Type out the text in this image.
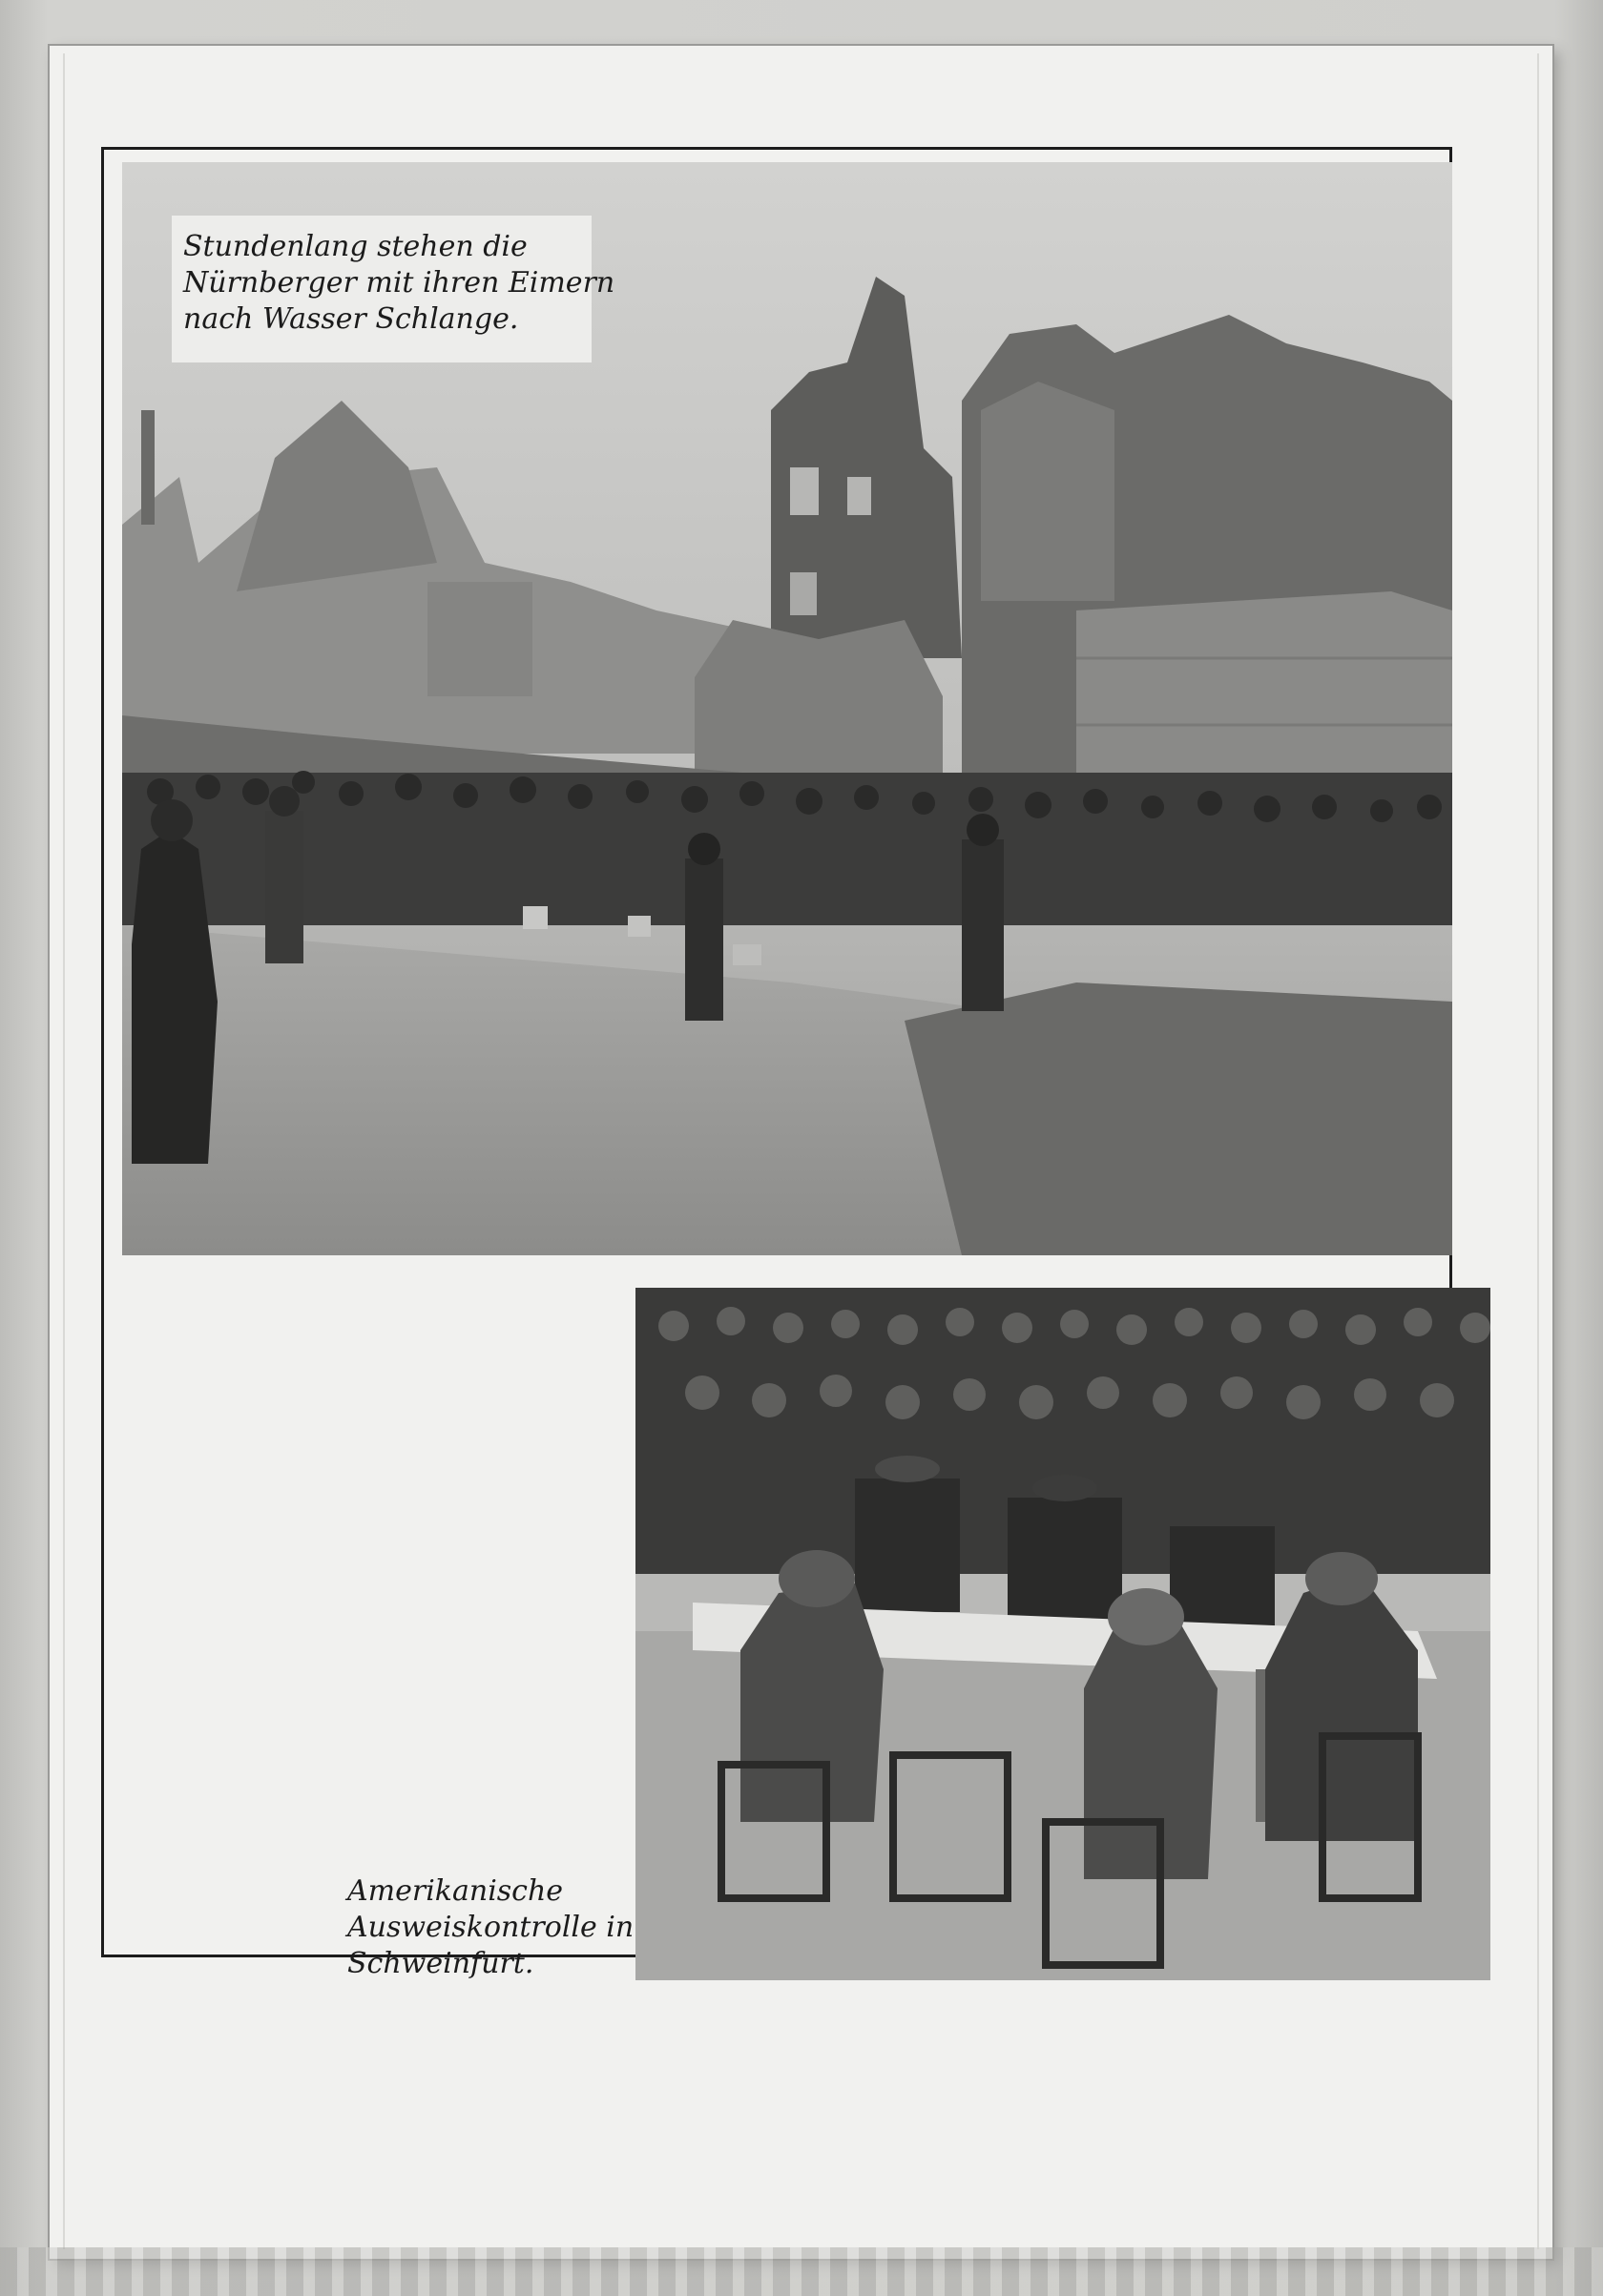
Stundenlang stehen die
Nürnberger mit ihren Eimern
nach Wasser Schlange.
Amerikanische
Ausweiskontrolle in
Schweinfurt.
